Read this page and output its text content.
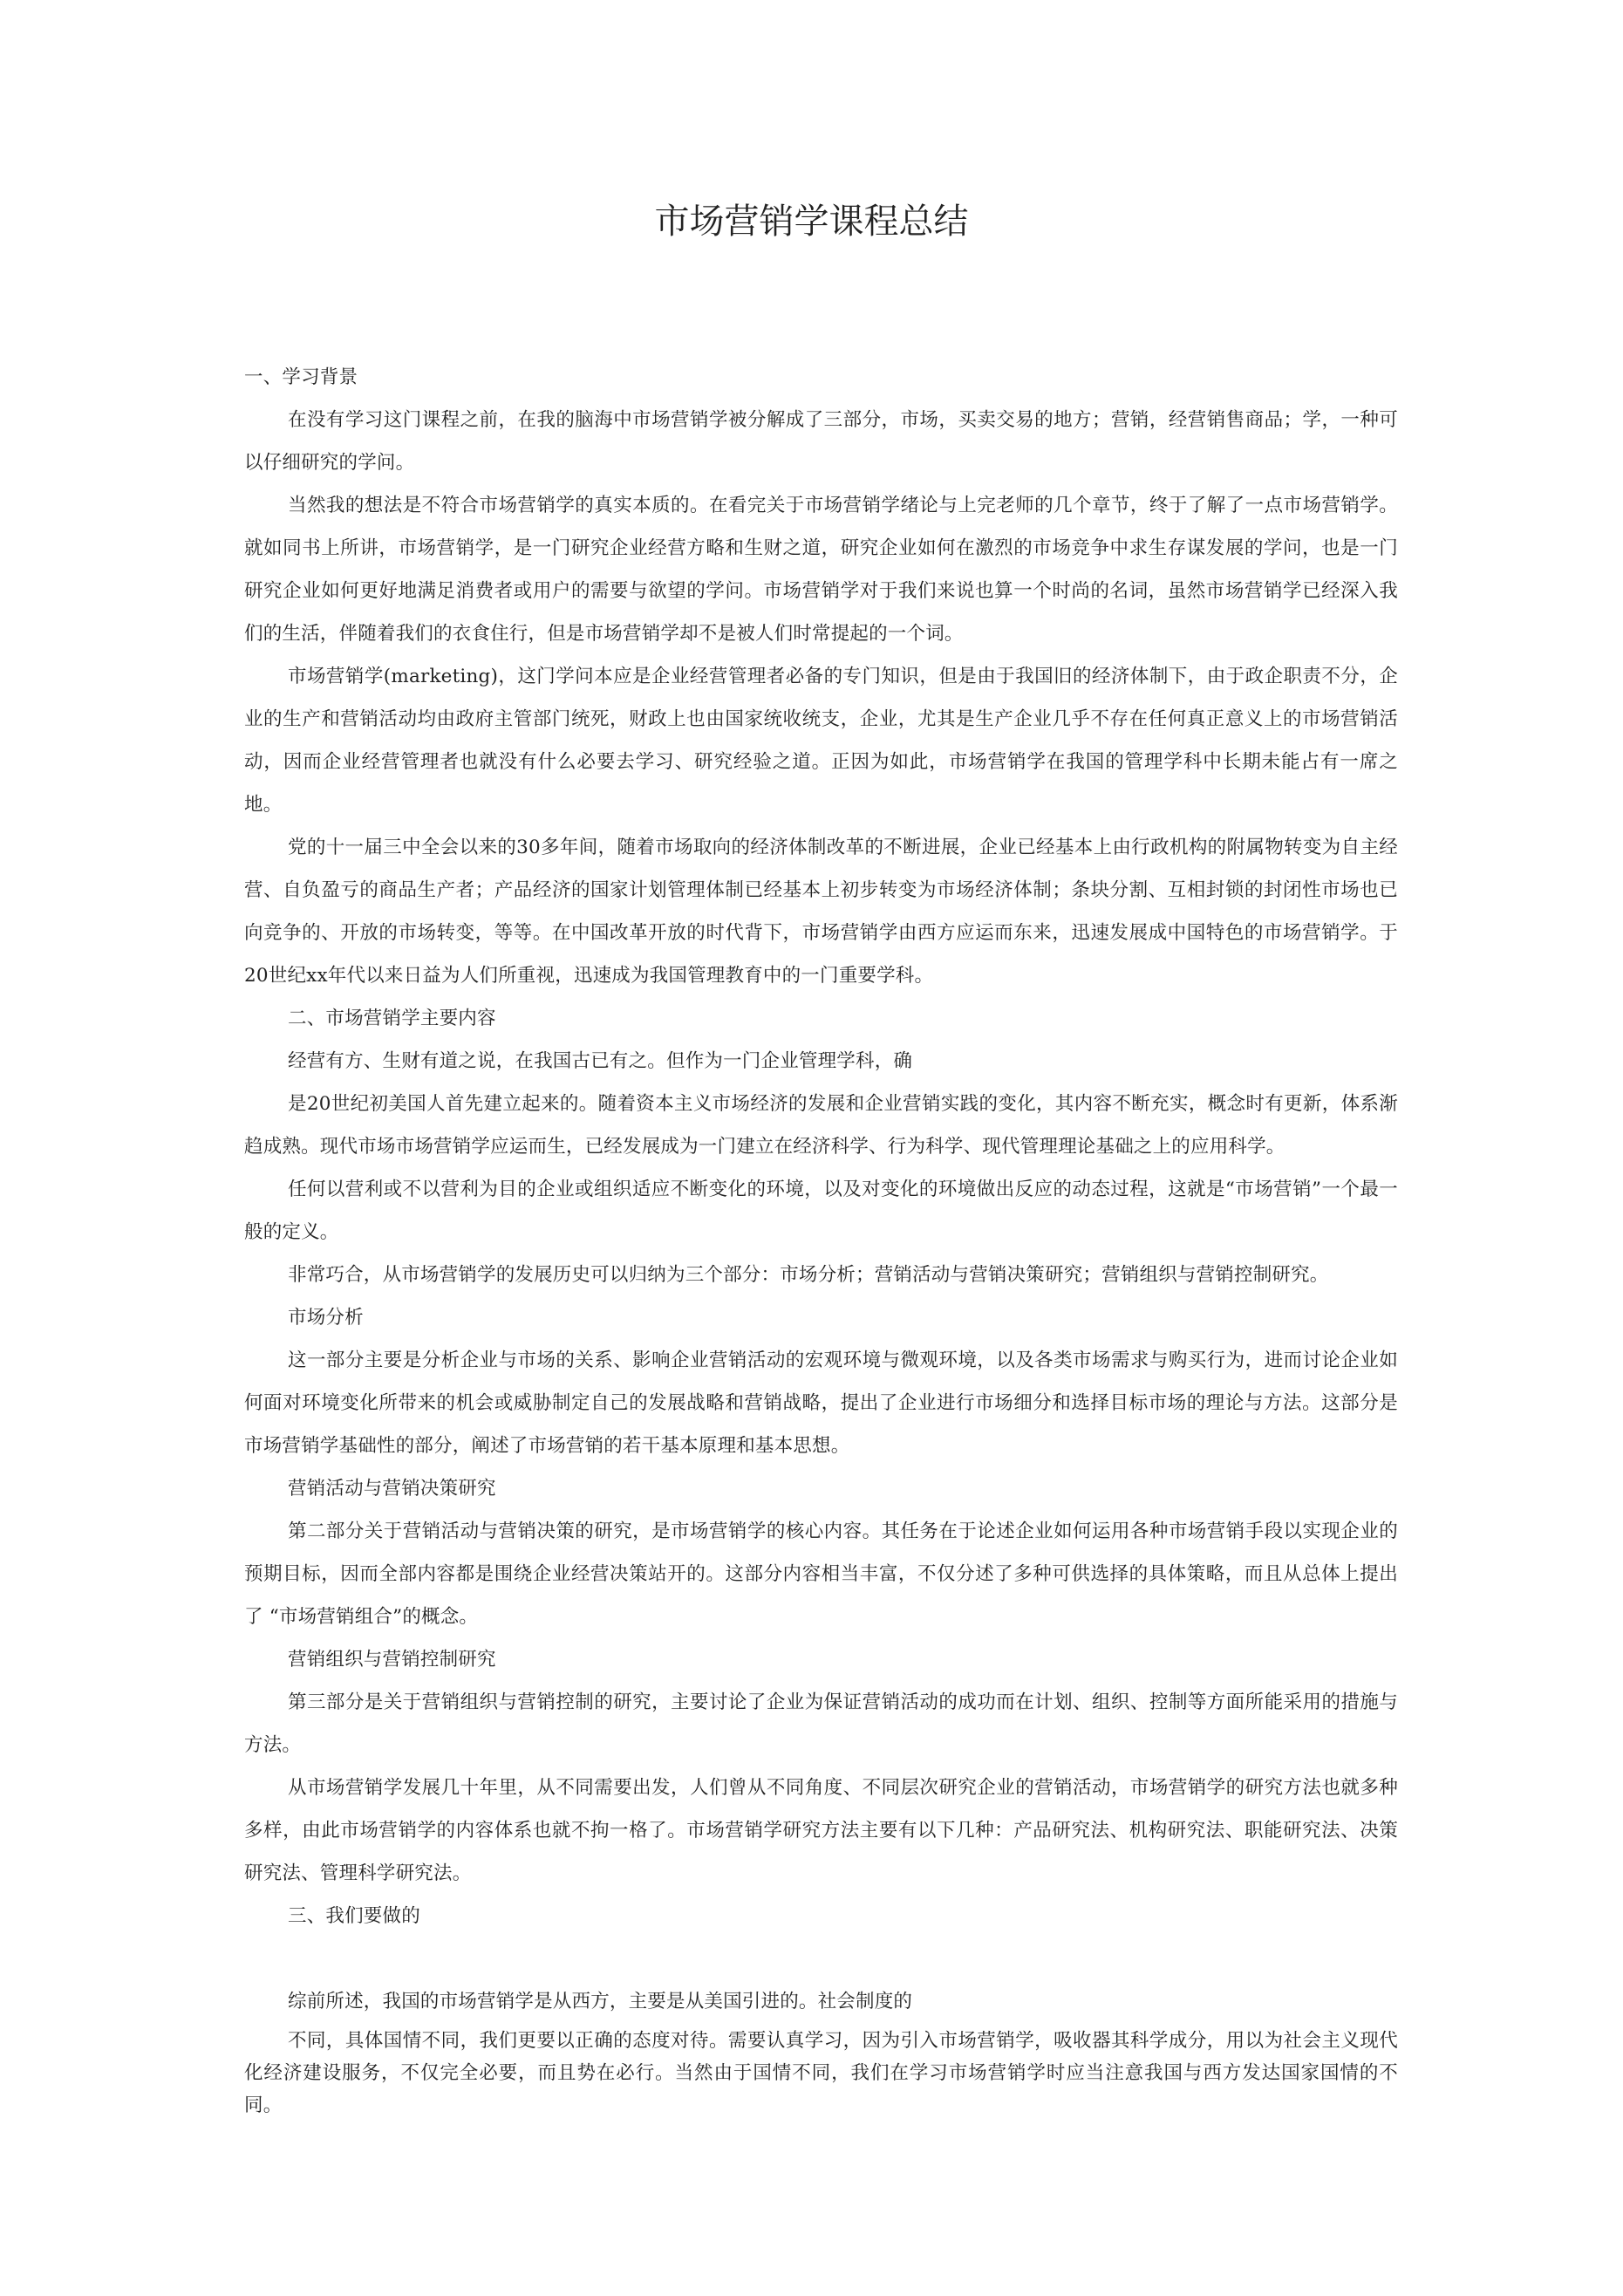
市场营销学课程总结

一、学习背景

在没有学习这门课程之前，在我的脑海中市场营销学被分解成了三部分，市场，买卖交易的地方；营销，经营销售商品；学，一种可以仔细研究的学问。

当然我的想法是不符合市场营销学的真实本质的。在看完关于市场营销学绪论与上完老师的几个章节，终于了解了一点市场营销学。就如同书上所讲，市场营销学，是一门研究企业经营方略和生财之道，研究企业如何在激烈的市场竞争中求生存谋发展的学问，也是一门研究企业如何更好地满足消费者或用户的需要与欲望的学问。市场营销学对于我们来说也算一个时尚的名词，虽然市场营销学已经深入我们的生活，伴随着我们的衣食住行，但是市场营销学却不是被人们时常提起的一个词。

市场营销学(marketing)，这门学问本应是企业经营管理者必备的专门知识，但是由于我国旧的经济体制下，由于政企职责不分，企业的生产和营销活动均由政府主管部门统死，财政上也由国家统收统支，企业，尤其是生产企业几乎不存在任何真正意义上的市场营销活动，因而企业经营管理者也就没有什么必要去学习、研究经验之道。正因为如此，市场营销学在我国的管理学科中长期未能占有一席之地。

党的十一届三中全会以来的30多年间，随着市场取向的经济体制改革的不断进展，企业已经基本上由行政机构的附属物转变为自主经营、自负盈亏的商品生产者；产品经济的国家计划管理体制已经基本上初步转变为市场经济体制；条块分割、互相封锁的封闭性市场也已向竞争的、开放的市场转变，等等。在中国改革开放的时代背下，市场营销学由西方应运而东来，迅速发展成中国特色的市场营销学。于20世纪xx年代以来日益为人们所重视，迅速成为我国管理教育中的一门重要学科。

二、市场营销学主要内容

经营有方、生财有道之说，在我国古已有之。但作为一门企业管理学科，确

是20世纪初美国人首先建立起来的。随着资本主义市场经济的发展和企业营销实践的变化，其内容不断充实，概念时有更新，体系渐趋成熟。现代市场市场营销学应运而生，已经发展成为一门建立在经济科学、行为科学、现代管理理论基础之上的应用科学。

任何以营利或不以营利为目的企业或组织适应不断变化的环境，以及对变化的环境做出反应的动态过程，这就是“市场营销”一个最一般的定义。

非常巧合，从市场营销学的发展历史可以归纳为三个部分：市场分析；营销活动与营销决策研究；营销组织与营销控制研究。

市场分析

这一部分主要是分析企业与市场的关系、影响企业营销活动的宏观环境与微观环境，以及各类市场需求与购买行为，进而讨论企业如何面对环境变化所带来的机会或威胁制定自己的发展战略和营销战略，提出了企业进行市场细分和选择目标市场的理论与方法。这部分是市场营销学基础性的部分，阐述了市场营销的若干基本原理和基本思想。

营销活动与营销决策研究

第二部分关于营销活动与营销决策的研究，是市场营销学的核心内容。其任务在于论述企业如何运用各种市场营销手段以实现企业的预期目标，因而全部内容都是围绕企业经营决策站开的。这部分内容相当丰富，不仅分述了多种可供选择的具体策略，而且从总体上提出了 “市场营销组合”的概念。

营销组织与营销控制研究

第三部分是关于营销组织与营销控制的研究，主要讨论了企业为保证营销活动的成功而在计划、组织、控制等方面所能采用的措施与方法。

从市场营销学发展几十年里，从不同需要出发，人们曾从不同角度、不同层次研究企业的营销活动，市场营销学的研究方法也就多种多样，由此市场营销学的内容体系也就不拘一格了。市场营销学研究方法主要有以下几种：产品研究法、机构研究法、职能研究法、决策研究法、管理科学研究法。

三、我们要做的

综前所述，我国的市场营销学是从西方，主要是从美国引进的。社会制度的

不同，具体国情不同，我们更要以正确的态度对待。需要认真学习，因为引入市场营销学，吸收器其科学成分，用以为社会主义现代化经济建设服务，不仅完全必要，而且势在必行。当然由于国情不同，我们在学习市场营销学时应当注意我国与西方发达国家国情的不同。
